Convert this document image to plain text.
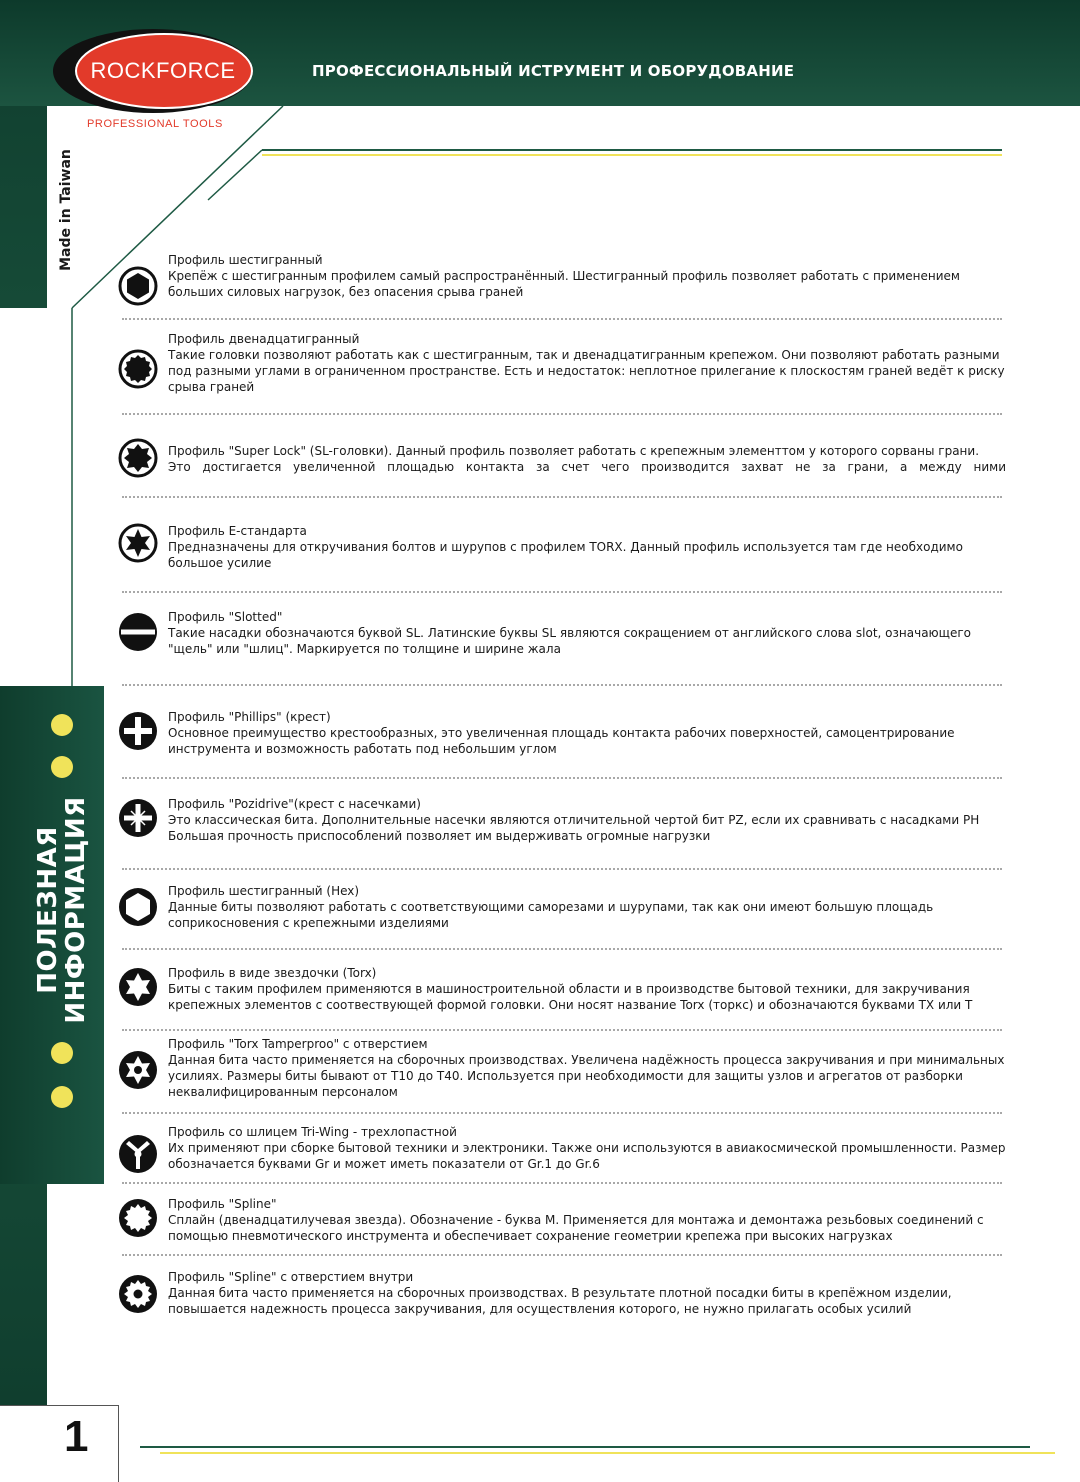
ПРОФЕССИОНАЛЬНЫЙ ИСТРУМЕНТ И ОБОРУДОВАНИЕ
ROCKFORCE
PROFESSIONAL TOOLS
Made in Taiwan
ПОЛЕЗНАЯ
ИНФОРМАЦИЯ
Профиль шестигранный
Крепёж с шестигранным профилем самый распространённый. Шестигранный профиль позволяет работать с применением больших силовых нагрузок, без опасения срыва граней
Профиль двенадцатигранный
Такие головки позволяют работать как с шестигранным, так и двенадцатигранным крепежом. Они позволяют работать разными под разными углами в ограниченном пространстве. Есть и недостаток: неплотное прилегание к плоскостям граней ведёт к риску срыва граней
Профиль "Super Lock" (SL-головки). Данный профиль позволяет работать с крепежным элементтом у которого сорваны грани.
Это достигается увеличенной площадью контакта за счет чего производится захват не за грани, а между ними
Профиль Е-стандарта
Предназначены для откручивания болтов и шурупов с профилем TORX. Данный профиль используется там где необходимо большое усилие
Профиль "Slotted"
Такие насадки обозначаются буквой SL. Латинские буквы SL являются сокращением от английского слова slot, означающего "щель" или "шлиц". Маркируется по толщине и ширине жала
Профиль "Phillips" (крест)
Основное преимущество крестообразных, это увеличенная площадь контакта рабочих поверхностей, самоцентрирование инструмента и возможность работать под небольшим углом
Профиль "Pozidrive"(крест с насечками)
Это классическая бита. Дополнительные насечки являются отличительной чертой бит PZ, если их сравнивать с насадками PH Большая прочность приспособлений позволяет им выдерживать огромные нагрузки
Профиль шестигранный (Hex)
Данные биты позволяют работать с соответствующими саморезами и шурупами, так как они имеют большую площадь соприкосновения с крепежными изделиями
Профиль в виде звездочки (Torx)
Биты с таким профилем применяются в машиностроительной области и в производстве бытовой техники, для закручивания крепежных элементов с соотвествующей формой головки. Они носят название Torx (торкс) и обозначаются буквами TX или T
Профиль "Torx Tampеrproo" с отверстием
Данная бита часто применяется на сборочных производствах. Увеличена надёжность процесса закручивания и при минимальных усилиях. Размеры биты бывают от T10 до T40. Используется при необходимости для защиты узлов и агрегатов от разборки неквалифицированным персоналом
Профиль со шлицем Tri-Wing - трехлопастной
Их применяют при сборке бытовой техники и электроники. Также они используются в авиакосмической промышленности. Размер обозначается буквами Gr и может иметь показатели от Gr.1 до Gr.6
Профиль "Spline"
Сплайн (двенадцатилучевая звезда). Обозначение - буква М. Применяется для монтажа и демонтажа резьбовых соединений с помощью пневмотического инструмента и обеспечивает сохранение геометрии крепежа при высоких нагрузках
Профиль "Spline" с отверстием внутри
Данная бита часто применяется на сборочных производствах. В результате плотной посадки биты в крепёжном изделии, повышается надежность процесса закручивания, для осуществления которого, не нужно прилагать особых усилий
1
